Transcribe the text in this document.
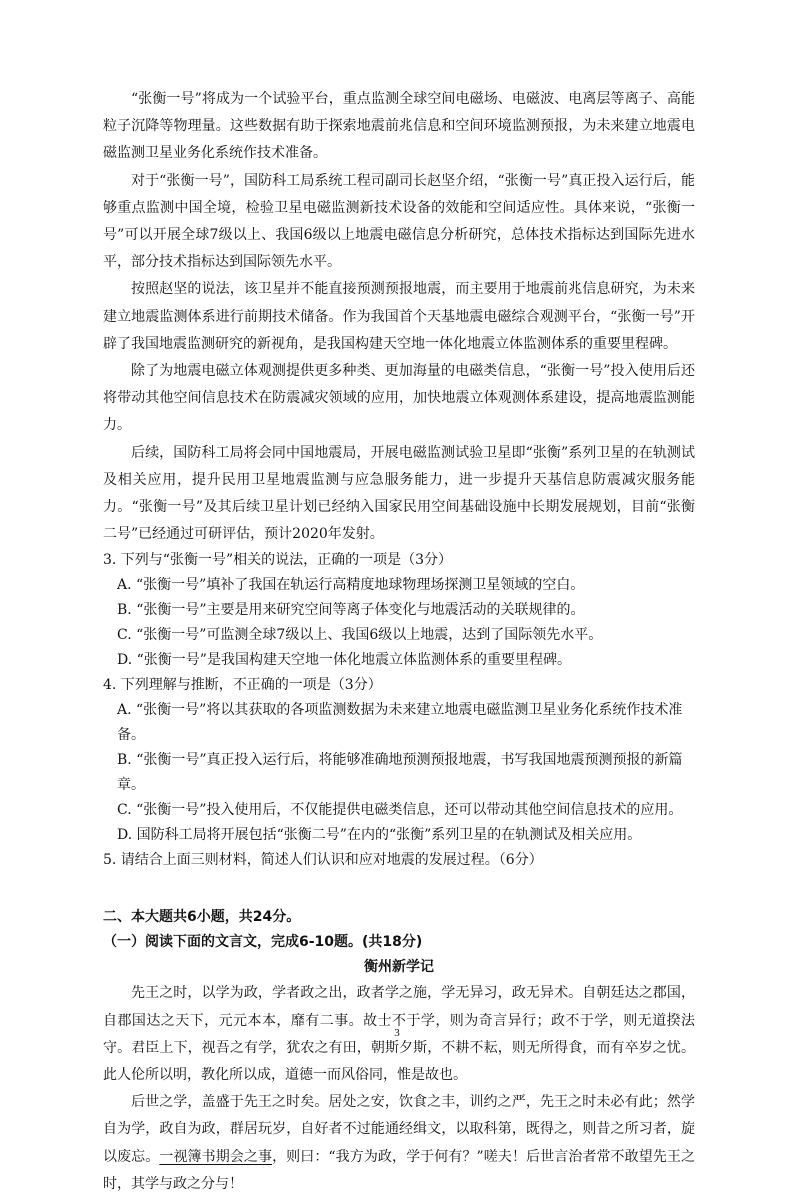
“张衡一号”将成为一个试验平台，重点监测全球空间电磁场、电磁波、电离层等离子、高能粒子沉降等物理量。这些数据有助于探索地震前兆信息和空间环境监测预报，为未来建立地震电磁监测卫星业务化系统作技术准备。

对于“张衡一号”，国防科工局系统工程司副司长赵坚介绍，“张衡一号”真正投入运行后，能够重点监测中国全境，检验卫星电磁监测新技术设备的效能和空间适应性。具体来说，“张衡一号”可以开展全球7级以上、我国6级以上地震电磁信息分析研究，总体技术指标达到国际先进水平，部分技术指标达到国际领先水平。

按照赵坚的说法，该卫星并不能直接预测预报地震，而主要用于地震前兆信息研究，为未来建立地震监测体系进行前期技术储备。作为我国首个天基地震电磁综合观测平台，“张衡一号”开辟了我国地震监测研究的新视角，是我国构建天空地一体化地震立体监测体系的重要里程碑。

除了为地震电磁立体观测提供更多种类、更加海量的电磁类信息，“张衡一号”投入使用后还将带动其他空间信息技术在防震减灾领域的应用，加快地震立体观测体系建设，提高地震监测能力。

后续，国防科工局将会同中国地震局，开展电磁监测试验卫星即“张衡”系列卫星的在轨测试及相关应用，提升民用卫星地震监测与应急服务能力，进一步提升天基信息防震减灾服务能力。“张衡一号”及其后续卫星计划已经纳入国家民用空间基础设施中长期发展规划，目前“张衡二号”已经通过可研评估，预计2020年发射。

3. 下列与“张衡一号”相关的说法，正确的一项是（3分）

A. “张衡一号”填补了我国在轨运行高精度地球物理场探测卫星领域的空白。

B. “张衡一号”主要是用来研究空间等离子体变化与地震活动的关联规律的。

C. “张衡一号”可监测全球7级以上、我国6级以上地震，达到了国际领先水平。

D. “张衡一号”是我国构建天空地一体化地震立体监测体系的重要里程碑。

4. 下列理解与推断，不正确的一项是（3分）

A. “张衡一号”将以其获取的各项监测数据为未来建立地震电磁监测卫星业务化系统作技术准备。

B. “张衡一号”真正投入运行后，将能够准确地预测预报地震，书写我国地震预测预报的新篇章。

C. “张衡一号”投入使用后，不仅能提供电磁类信息，还可以带动其他空间信息技术的应用。

D. 国防科工局将开展包括“张衡二号”在内的“张衡”系列卫星的在轨测试及相关应用。

5. 请结合上面三则材料，简述人们认识和应对地震的发展过程。（6分）

二、本大题共6小题，共24分。

（一）阅读下面的文言文，完成6-10题。(共18分)

衡州新学记

先王之时，以学为政，学者政之出，政者学之施，学无异习，政无异术。自朝廷达之郡国，自郡国达之天下，元元本本，靡有二事。故士不于学，则为奇言异行；政不于学，则无道揆法守。君臣上下，视吾之有学，犹农之有田，朝斯夕斯，不耕不耘，则无所得食，而有卒岁之忧。此人伦所以明，教化所以成，道德一而风俗同，惟是故也。

后世之学，盖盛于先王之时矣。居处之安，饮食之丰，训约之严，先王之时未必有此；然学自为学，政自为政，群居玩岁，自好者不过能通经缉文，以取科第，既得之，则昔之所习者，旋以废忘。一视簿书期会之事，则曰：“我方为政，学于何有？”嗟夫！后世言治者常不敢望先王之时，其学与政之分与！

3
